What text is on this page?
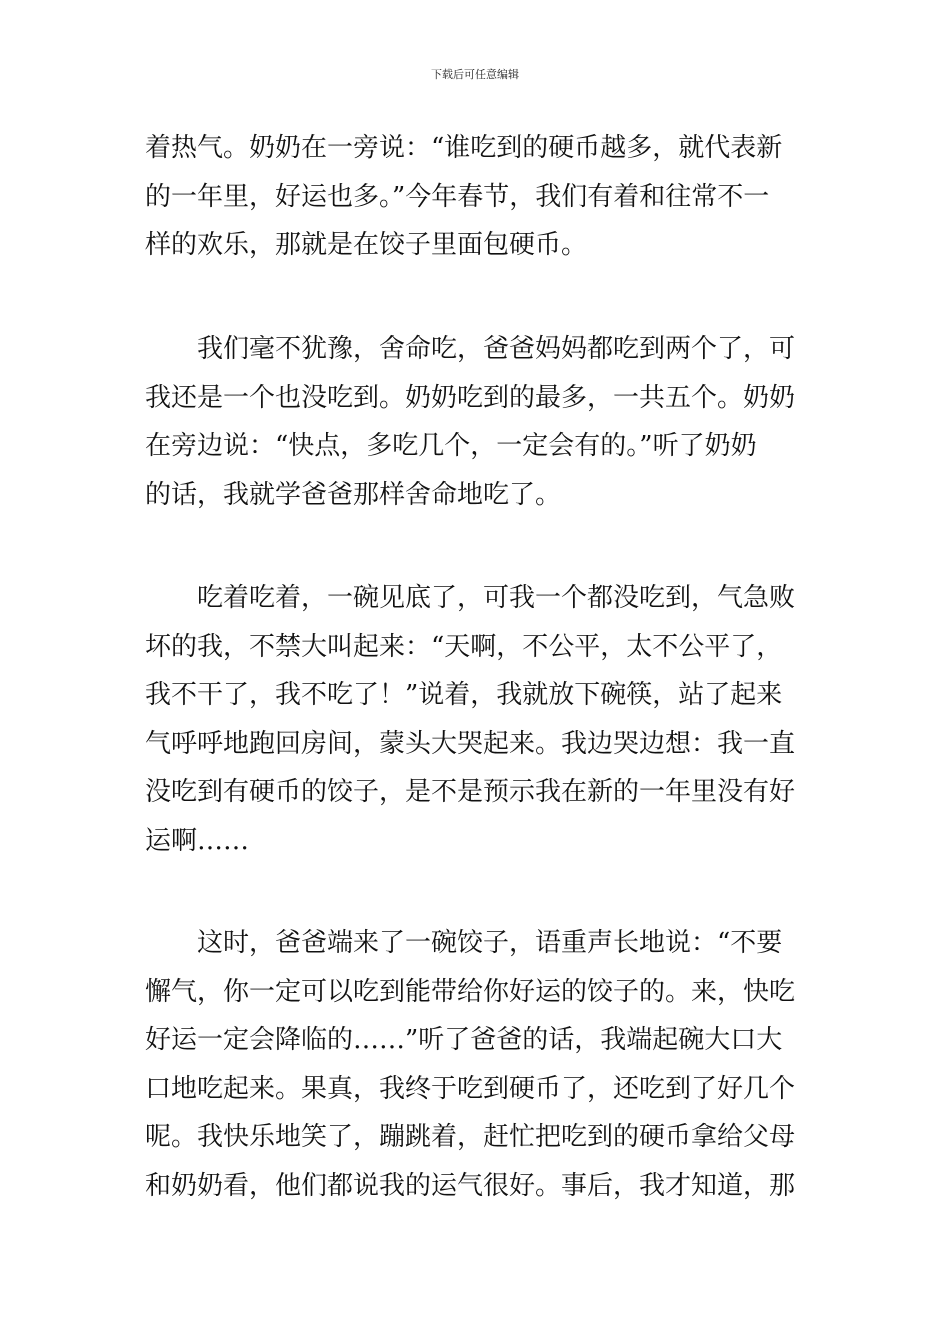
下载后可任意编辑
着热气。奶奶在一旁说：“谁吃到的硬币越多，就代表新
的一年里，好运也多。”今年春节，我们有着和往常不一
样的欢乐，那就是在饺子里面包硬币。
我们毫不犹豫，舍命吃，爸爸妈妈都吃到两个了，可
我还是一个也没吃到。奶奶吃到的最多，一共五个。奶奶
在旁边说：“快点，多吃几个，一定会有的。”听了奶奶
的话，我就学爸爸那样舍命地吃了。
吃着吃着，一碗见底了，可我一个都没吃到，气急败
坏的我，不禁大叫起来：“天啊，不公平，太不公平了，
我不干了，我不吃了！”说着，我就放下碗筷，站了起来
气呼呼地跑回房间，蒙头大哭起来。我边哭边想：我一直
没吃到有硬币的饺子，是不是预示我在新的一年里没有好
运啊……
这时，爸爸端来了一碗饺子，语重声长地说：“不要
懈气，你一定可以吃到能带给你好运的饺子的。来，快吃
好运一定会降临的……”听了爸爸的话，我端起碗大口大
口地吃起来。果真，我终于吃到硬币了，还吃到了好几个
呢。我快乐地笑了，蹦跳着，赶忙把吃到的硬币拿给父母
和奶奶看，他们都说我的运气很好。事后，我才知道，那
